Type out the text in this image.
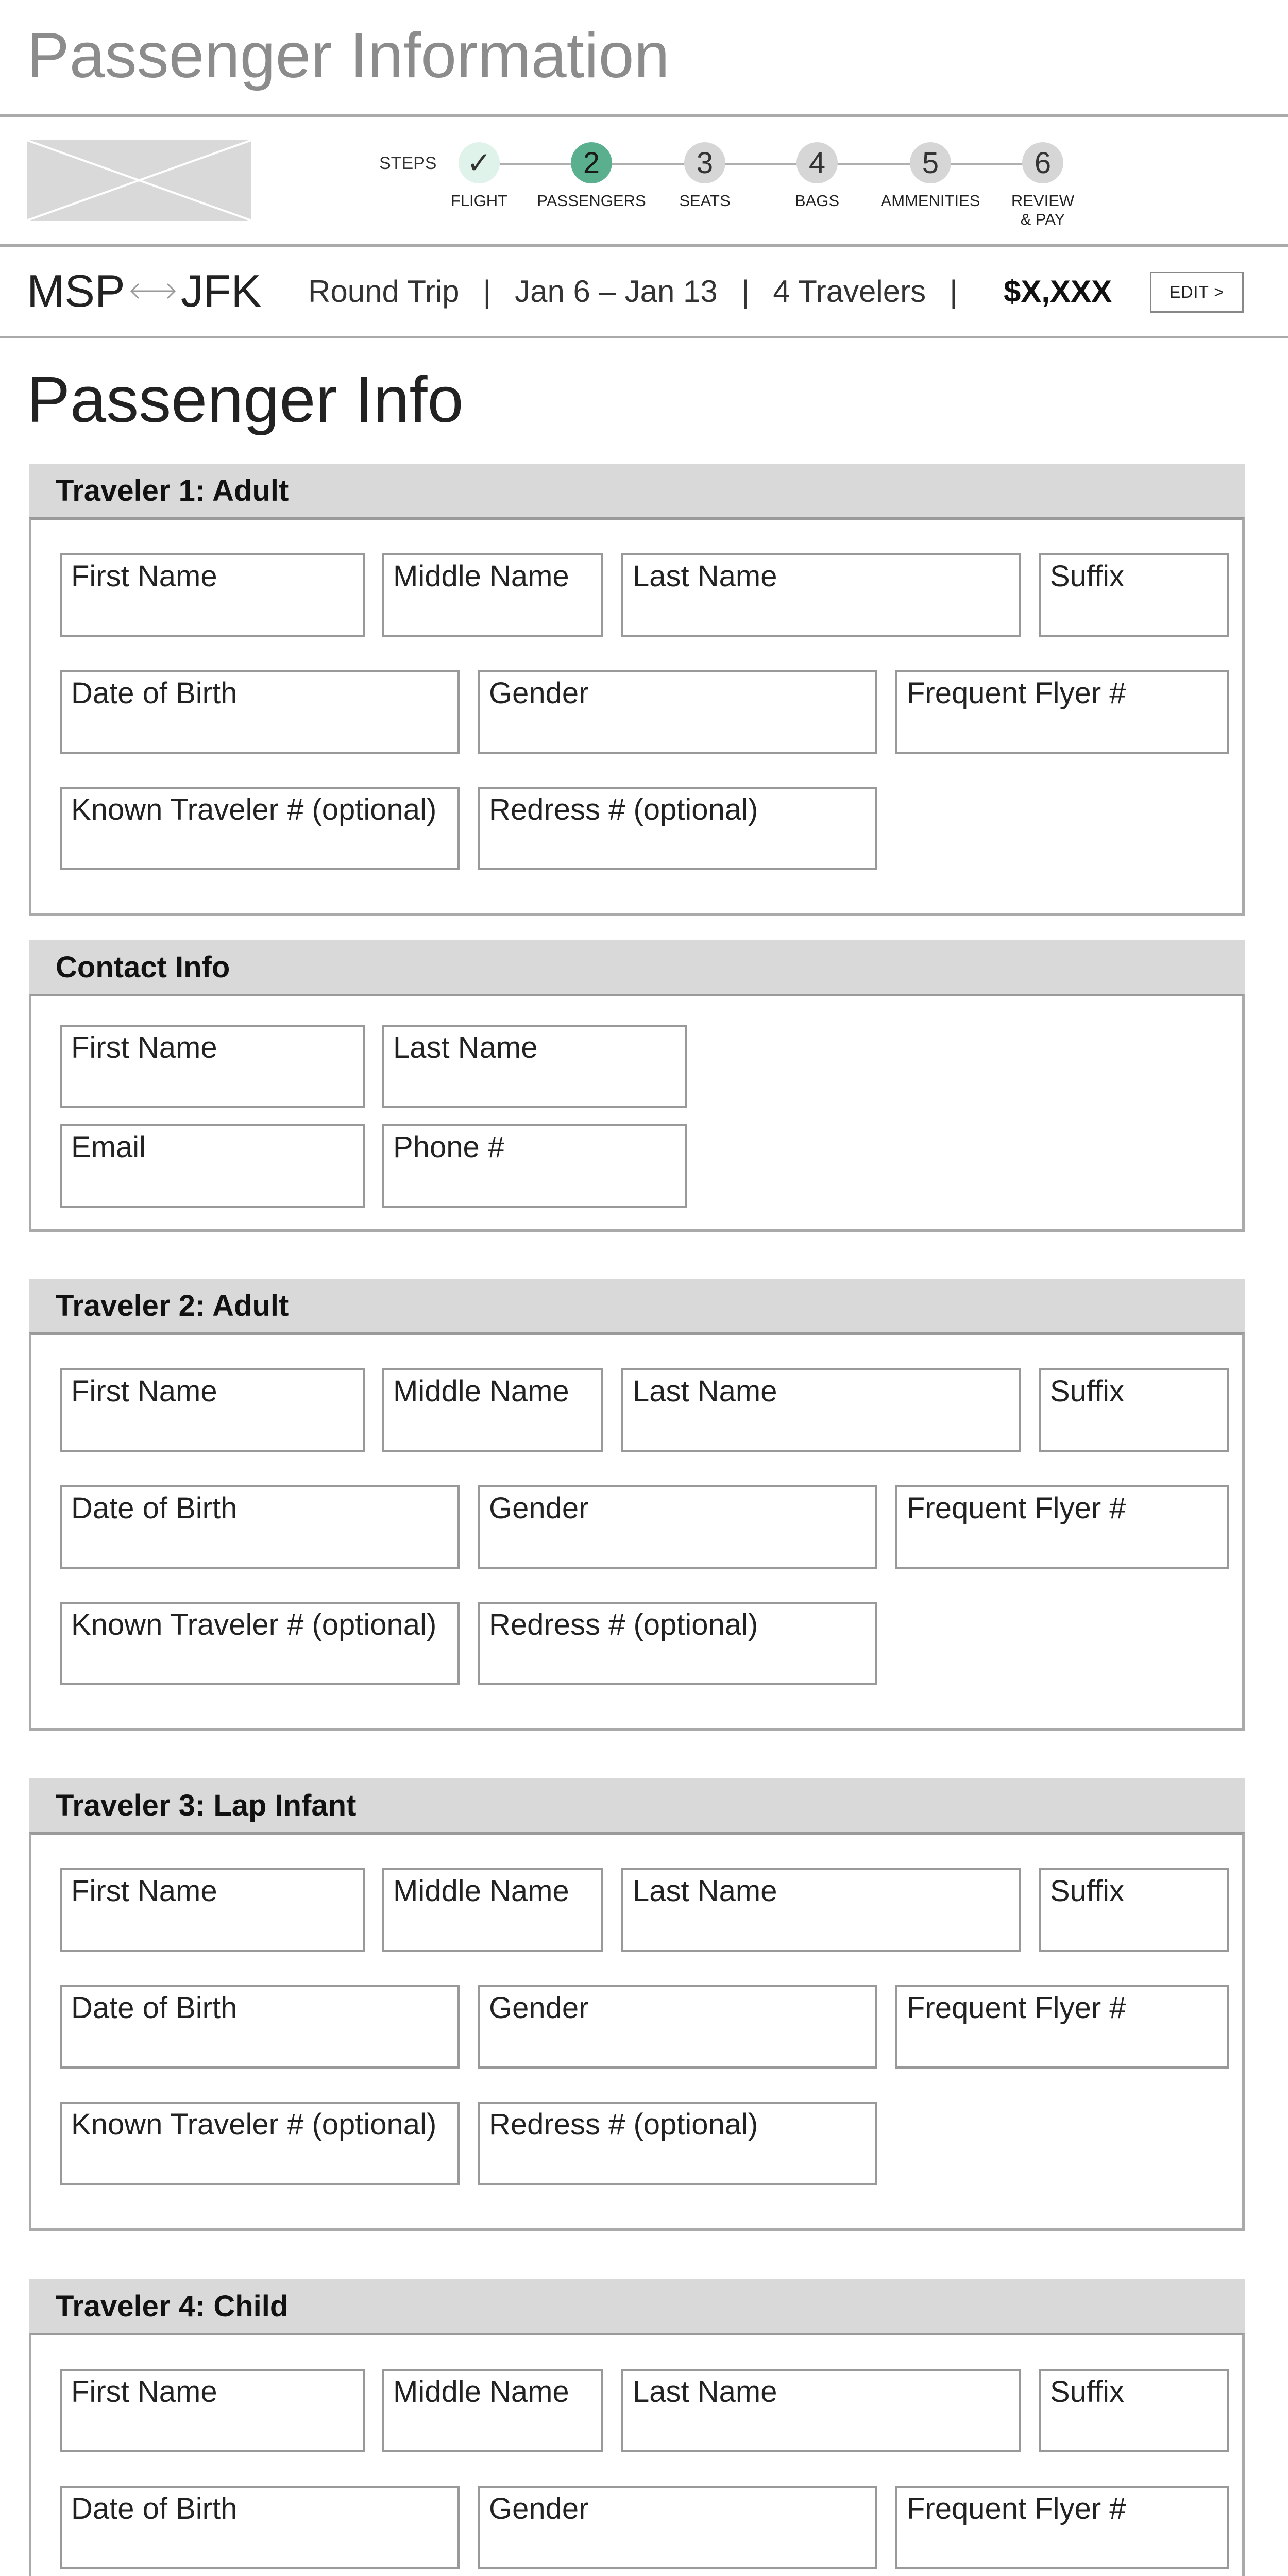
Passenger Information
STEPS ✓
FLIGHT
2
PASSENGERS
3
SEATS
4
BAGS
5
AMMENITIES
6
REVIEW
& PAY
MSP JFK Round Trip | Jan 6 – Jan 13 | 4 Travelers | $X,XXX	EDIT >
Passenger Info
Traveler 1: Adult
First Name	Middle Name	Last Name	Suffix
Date of Birth	Gender	Frequent Flyer #
Known Traveler # (optional)	Redress # (optional)
Contact Info
First Name	Last Name
Email	Phone #
Traveler 2: Adult
First Name	Middle Name	Last Name	Suffix
Date of Birth	Gender	Frequent Flyer #
Known Traveler # (optional)	Redress # (optional)
Traveler 3: Lap Infant
First Name	Middle Name	Last Name	Suffix
Date of Birth	Gender	Frequent Flyer #
Known Traveler # (optional)	Redress # (optional)
Traveler 4: Child
First Name	Middle Name	Last Name	Suffix
Date of Birth	Gender	Frequent Flyer #
